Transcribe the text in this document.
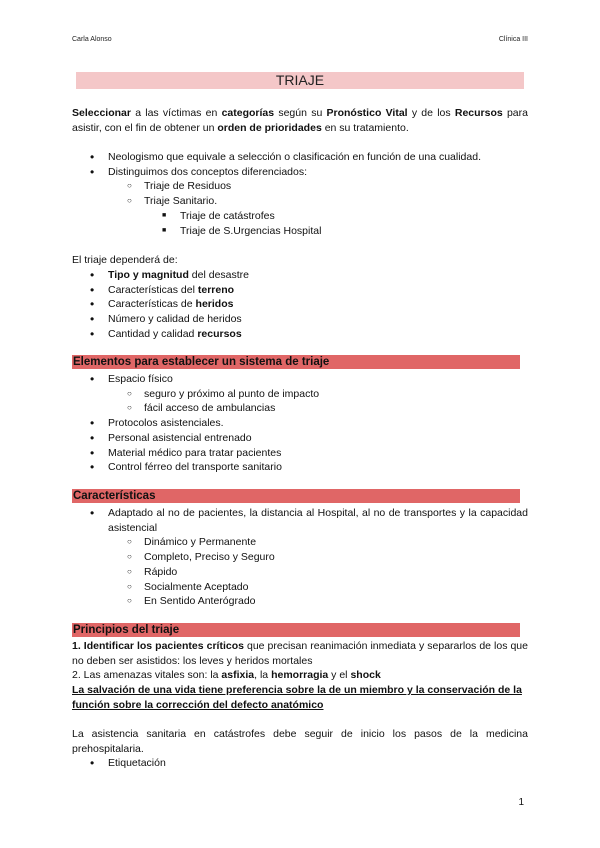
Carla Alonso	Clínica III
TRIAJE
Seleccionar a las víctimas en categorías según su Pronóstico Vital y de los Recursos para asistir, con el fin de obtener un orden de prioridades en su tratamiento.
• Neologismo que equivale a selección o clasificación en función de una cualidad.
• Distinguimos dos conceptos diferenciados:
○ Triaje de Residuos
○ Triaje Sanitario.
■ Triaje de catástrofes
■ Triaje de S.Urgencias Hospital
El triaje dependerá de:
• Tipo y magnitud del desastre
• Características del terreno
• Características de heridos
• Número y calidad de heridos
• Cantidad y calidad recursos
Elementos para establecer un sistema de triaje
• Espacio físico
○ seguro y próximo al punto de impacto
○ fácil acceso de ambulancias
• Protocolos asistenciales.
• Personal asistencial entrenado
• Material médico para tratar pacientes
• Control férreo del transporte sanitario
Características
• Adaptado al no de pacientes, la distancia al Hospital, al no de transportes y la capacidad asistencial
○ Dinámico y Permanente
○ Completo, Preciso y Seguro
○ Rápido
○ Socialmente Aceptado
○ En Sentido Anterógrado
Principios del triaje
1. Identificar los pacientes críticos que precisan reanimación inmediata y separarlos de los que no deben ser asistidos: los leves y heridos mortales
2. Las amenazas vitales son: la asfixia, la hemorragia y el shock
La salvación de una vida tiene preferencia sobre la de un miembro y la conservación de la función sobre la corrección del defecto anatómico
La asistencia sanitaria en catástrofes debe seguir de inicio los pasos de la medicina prehospitalaria.
• Etiquetación
1
